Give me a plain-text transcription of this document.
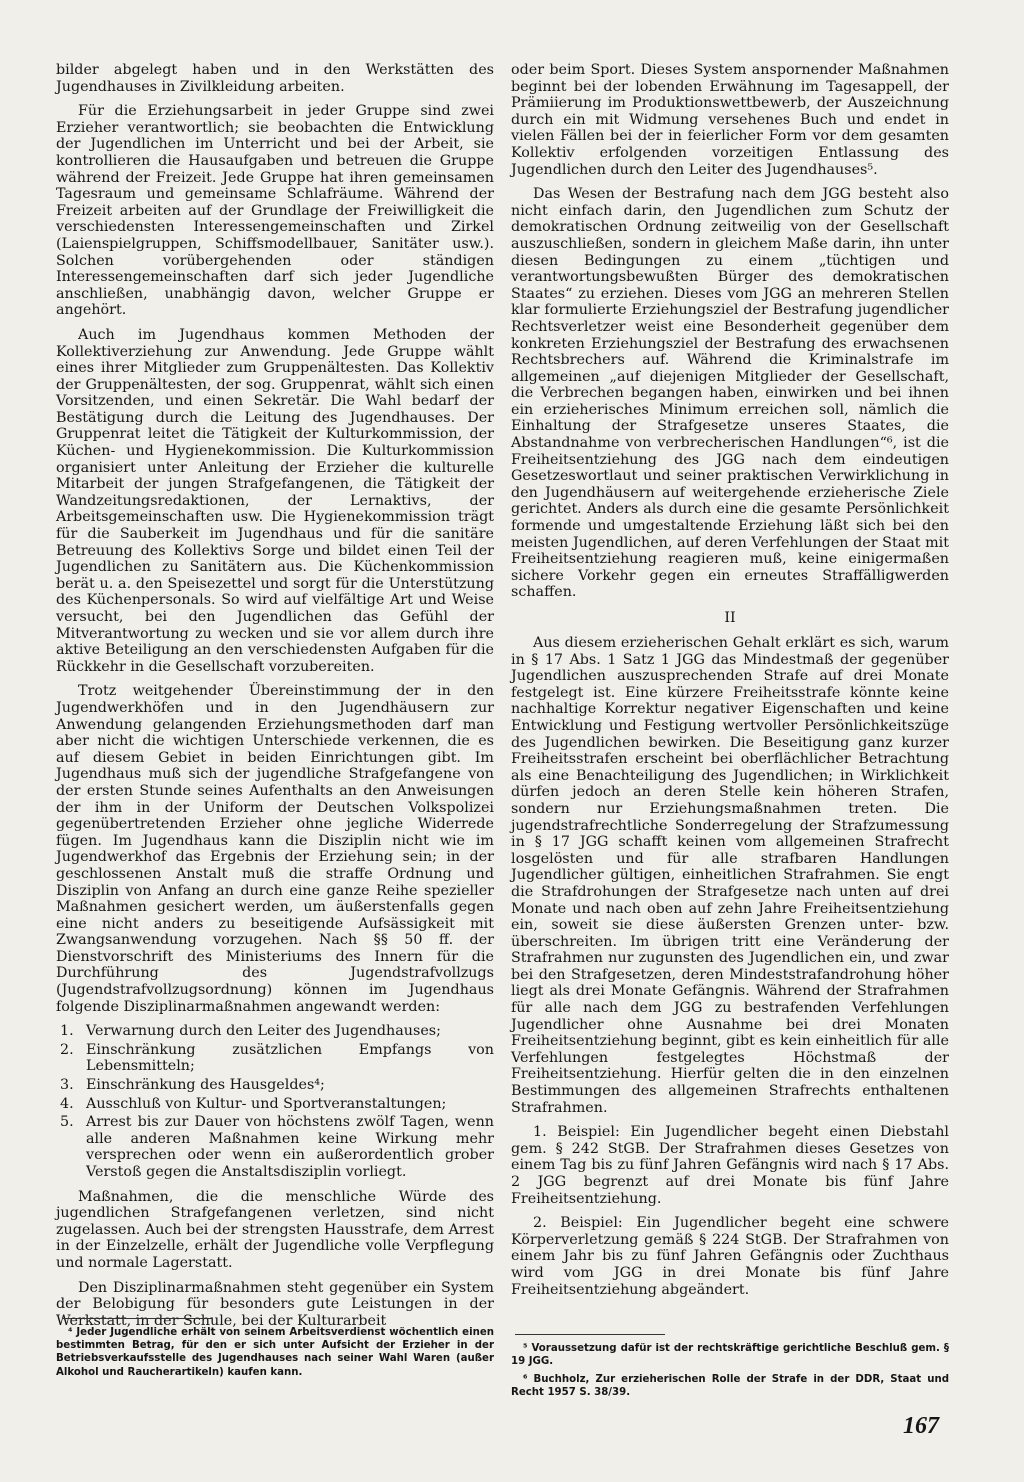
bilder abgelegt haben und in den Werkstätten des Jugendhauses in Zivilkleidung arbeiten.

Für die Erziehungsarbeit in jeder Gruppe sind zwei Erzieher verantwortlich; sie beobachten die Entwicklung der Jugendlichen im Unterricht und bei der Arbeit, sie kontrollieren die Hausaufgaben und betreuen die Gruppe während der Freizeit. Jede Gruppe hat ihren gemeinsamen Tagesraum und gemeinsame Schlafräume. Während der Freizeit arbeiten auf der Grundlage der Freiwilligkeit die verschiedensten Interessengemeinschaften und Zirkel (Laienspielgruppen, Schiffsmodellbauer, Sanitäter usw.). Solchen vorübergehenden oder ständigen Interessengemeinschaften darf sich jeder Jugendliche anschließen, unabhängig davon, welcher Gruppe er angehört.

Auch im Jugendhaus kommen Methoden der Kollektiverziehung zur Anwendung. Jede Gruppe wählt eines ihrer Mitglieder zum Gruppenältesten. Das Kollektiv der Gruppenältesten, der sog. Gruppenrat, wählt sich einen Vorsitzenden, und einen Sekretär. Die Wahl bedarf der Bestätigung durch die Leitung des Jugendhauses. Der Gruppenrat leitet die Tätigkeit der Kulturkommission, der Küchen- und Hygienekommission. Die Kulturkommission organisiert unter Anleitung der Erzieher die kulturelle Mitarbeit der jungen Strafgefangenen, die Tätigkeit der Wandzeitungsredaktionen, der Lernaktivs, der Arbeitsgemeinschaften usw. Die Hygienekommission trägt für die Sauberkeit im Jugendhaus und für die sanitäre Betreuung des Kollektivs Sorge und bildet einen Teil der Jugendlichen zu Sanitätern aus. Die Küchenkommission berät u. a. den Speisezettel und sorgt für die Unterstützung des Küchenpersonals. So wird auf vielfältige Art und Weise versucht, bei den Jugendlichen das Gefühl der Mitverantwortung zu wecken und sie vor allem durch ihre aktive Beteiligung an den verschiedensten Aufgaben für die Rückkehr in die Gesellschaft vorzubereiten.

Trotz weitgehender Übereinstimmung der in den Jugendwerkhöfen und in den Jugendhäusern zur Anwendung gelangenden Erziehungsmethoden darf man aber nicht die wichtigen Unterschiede verkennen, die es auf diesem Gebiet in beiden Einrichtungen gibt. Im Jugendhaus muß sich der jugendliche Strafgefangene von der ersten Stunde seines Aufenthalts an den Anweisungen der ihm in der Uniform der Deutschen Volkspolizei gegenübertretenden Erzieher ohne jegliche Widerrede fügen. Im Jugendhaus kann die Disziplin nicht wie im Jugendwerkhof das Ergebnis der Erziehung sein; in der geschlossenen Anstalt muß die straffe Ordnung und Disziplin von Anfang an durch eine ganze Reihe spezieller Maßnahmen gesichert werden, um äußerstenfalls gegen eine nicht anders zu beseitigende Aufsässigkeit mit Zwangsanwendung vorzugehen. Nach §§ 50 ff. der Dienstvorschrift des Ministeriums des Innern für die Durchführung des Jugendstrafvollzugs (Jugendstrafvollzugsordnung) können im Jugendhaus folgende Disziplinarmaßnahmen angewandt werden:

1. Verwarnung durch den Leiter des Jugendhauses;
2. Einschränkung zusätzlichen Empfangs von Lebensmitteln;
3. Einschränkung des Hausgeldes⁴;
4. Ausschluß von Kultur- und Sportveranstaltungen;
5. Arrest bis zur Dauer von höchstens zwölf Tagen, wenn alle anderen Maßnahmen keine Wirkung mehr versprechen oder wenn ein außerordentlich grober Verstoß gegen die Anstaltsdisziplin vorliegt.

Maßnahmen, die die menschliche Würde des jugendlichen Strafgefangenen verletzen, sind nicht zugelassen. Auch bei der strengsten Hausstrafe, dem Arrest in der Einzelzelle, erhält der Jugendliche volle Verpflegung und normale Lagerstatt.

Den Disziplinarmaßnahmen steht gegenüber ein System der Belobigung für besonders gute Leistungen in der Werkstatt, in der Schule, bei der Kulturarbeit

⁴ Jeder Jugendliche erhält von seinem Arbeitsverdienst wöchentlich einen bestimmten Betrag, für den er sich unter Aufsicht der Erzieher in der Betriebsverkaufsstelle des Jugendhauses nach seiner Wahl Waren (außer Alkohol und Raucherartikeln) kaufen kann.

oder beim Sport. Dieses System anspornender Maßnahmen beginnt bei der lobenden Erwähnung im Tagesappell, der Prämiierung im Produktionswettbewerb, der Auszeichnung durch ein mit Widmung versehenes Buch und endet in vielen Fällen bei der in feierlicher Form vor dem gesamten Kollektiv erfolgenden vorzeitigen Entlassung des Jugendlichen durch den Leiter des Jugendhauses⁵.

Das Wesen der Bestrafung nach dem JGG besteht also nicht einfach darin, den Jugendlichen zum Schutz der demokratischen Ordnung zeitweilig von der Gesellschaft auszuschließen, sondern in gleichem Maße darin, ihn unter diesen Bedingungen zu einem „tüchtigen und verantwortungsbewußten Bürger des demokratischen Staates“ zu erziehen. Dieses vom JGG an mehreren Stellen klar formulierte Erziehungsziel der Bestrafung jugendlicher Rechtsverletzer weist eine Besonderheit gegenüber dem konkreten Erziehungsziel der Bestrafung des erwachsenen Rechtsbrechers auf. Während die Kriminalstrafe im allgemeinen „auf diejenigen Mitglieder der Gesellschaft, die Verbrechen begangen haben, einwirken und bei ihnen ein erzieherisches Minimum erreichen soll, nämlich die Einhaltung der Strafgesetze unseres Staates, die Abstandnahme von verbrecherischen Handlungen“⁶, ist die Freiheitsentziehung des JGG nach dem eindeutigen Gesetzeswortlaut und seiner praktischen Verwirklichung in den Jugendhäusern auf weitergehende erzieherische Ziele gerichtet. Anders als durch eine die gesamte Persönlichkeit formende und umgestaltende Erziehung läßt sich bei den meisten Jugendlichen, auf deren Verfehlungen der Staat mit Freiheitsentziehung reagieren muß, keine einigermaßen sichere Vorkehr gegen ein erneutes Straffälligwerden schaffen.

II

Aus diesem erzieherischen Gehalt erklärt es sich, warum in § 17 Abs. 1 Satz 1 JGG das Mindestmaß der gegenüber Jugendlichen auszusprechenden Strafe auf drei Monate festgelegt ist. Eine kürzere Freiheitsstrafe könnte keine nachhaltige Korrektur negativer Eigenschaften und keine Entwicklung und Festigung wertvoller Persönlichkeitszüge des Jugendlichen bewirken. Die Beseitigung ganz kurzer Freiheitsstrafen erscheint bei oberflächlicher Betrachtung als eine Benachteiligung des Jugendlichen; in Wirklichkeit dürfen jedoch an deren Stelle kein höheren Strafen, sondern nur Erziehungsmaßnahmen treten. Die jugendstrafrechtliche Sonderregelung der Strafzumessung in § 17 JGG schafft keinen vom allgemeinen Strafrecht losgelösten und für alle strafbaren Handlungen Jugendlicher gültigen, einheitlichen Strafrahmen. Sie engt die Strafdrohungen der Strafgesetze nach unten auf drei Monate und nach oben auf zehn Jahre Freiheitsentziehung ein, soweit sie diese äußersten Grenzen unter- bzw. überschreiten. Im übrigen tritt eine Veränderung der Strafrahmen nur zugunsten des Jugendlichen ein, und zwar bei den Strafgesetzen, deren Mindeststrafandrohung höher liegt als drei Monate Gefängnis. Während der Strafrahmen für alle nach dem JGG zu bestrafenden Verfehlungen Jugendlicher ohne Ausnahme bei drei Monaten Freiheitsentziehung beginnt, gibt es kein einheitlich für alle Verfehlungen festgelegtes Höchstmaß der Freiheitsentziehung. Hierfür gelten die in den einzelnen Bestimmungen des allgemeinen Strafrechts enthaltenen Strafrahmen.

1. Beispiel: Ein Jugendlicher begeht einen Diebstahl gem. § 242 StGB. Der Strafrahmen dieses Gesetzes von einem Tag bis zu fünf Jahren Gefängnis wird nach § 17 Abs. 2 JGG begrenzt auf drei Monate bis fünf Jahre Freiheitsentziehung.

2. Beispiel: Ein Jugendlicher begeht eine schwere Körperverletzung gemäß § 224 StGB. Der Strafrahmen von einem Jahr bis zu fünf Jahren Gefängnis oder Zuchthaus wird vom JGG in drei Monate bis fünf Jahre Freiheitsentziehung abgeändert.

⁵ Voraussetzung dafür ist der rechtskräftige gerichtliche Beschluß gem. § 19 JGG.

⁶ Buchholz, Zur erzieherischen Rolle der Strafe in der DDR, Staat und Recht 1957 S. 38/39.

167
